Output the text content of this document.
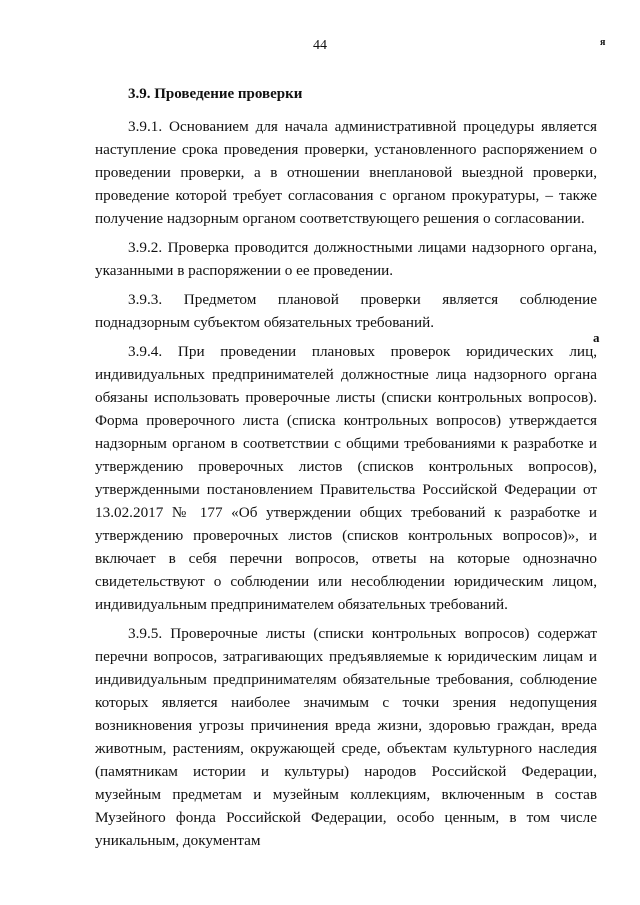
44	я
а
3.9. Проведение проверки

3.9.1. Основанием для начала административной процедуры является наступление срока проведения проверки, установленного распоряжением о проведении проверки, а в отношении внеплановой выездной проверки, проведение которой требует согласования с органом прокуратуры, – также получение надзорным органом соответствующего решения о согласовании.

3.9.2. Проверка проводится должностными лицами надзорного органа, указанными в распоряжении о ее проведении.

3.9.3. Предметом плановой проверки является соблюдение поднадзорным субъектом обязательных требований.

3.9.4. При проведении плановых проверок юридических лиц, индивидуальных предпринимателей должностные лица надзорного органа обязаны использовать проверочные листы (списки контрольных вопросов). Форма проверочного листа (списка контрольных вопросов) утверждается надзорным органом в соответствии с общими требованиями к разработке и утверждению проверочных листов (списков контрольных вопросов), утвержденными постановлением Правительства Российской Федерации от 13.02.2017 № 177 «Об утверждении общих требований к разработке и утверждению проверочных листов (списков контрольных вопросов)», и включает в себя перечни вопросов, ответы на которые однозначно свидетельствуют о соблюдении или несоблюдении юридическим лицом, индивидуальным предпринимателем обязательных требований.

3.9.5. Проверочные листы (списки контрольных вопросов) содержат перечни вопросов, затрагивающих предъявляемые к юридическим лицам и индивидуальным предпринимателям обязательные требования, соблюдение которых является наиболее значимым с точки зрения недопущения возникновения угрозы причинения вреда жизни, здоровью граждан, вреда животным, растениям, окружающей среде, объектам культурного наследия (памятникам истории и культуры) народов Российской Федерации, музейным предметам и музейным коллекциям, включенным в состав Музейного фонда Российской Федерации, особо ценным, в том числе уникальным, документам
